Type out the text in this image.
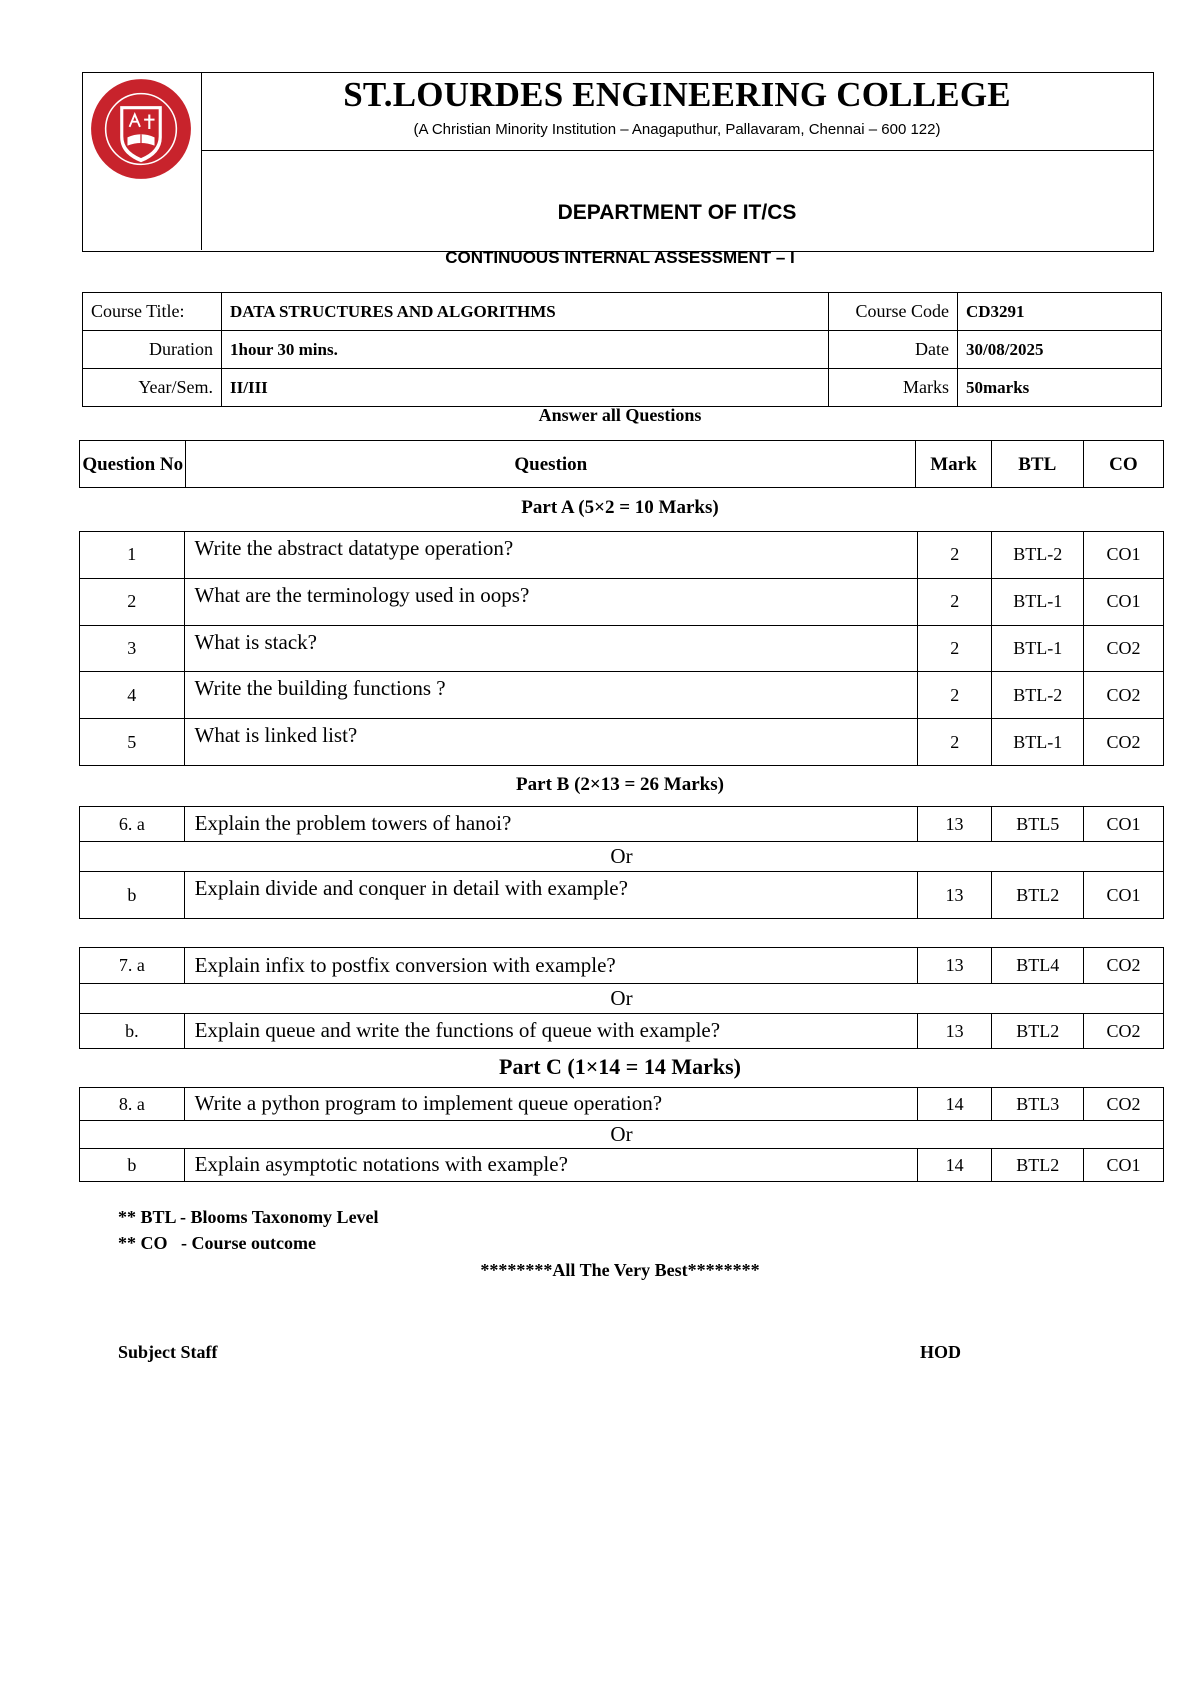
ST.LOURDES ENGINEERING COLLEGE
(A Christian Minority Institution – Anagaputhur, Pallavaram, Chennai – 600 122)
DEPARTMENT OF IT/CS
CONTINUOUS INTERNAL ASSESSMENT – I
Course Title:	DATA STRUCTURES AND ALGORITHMS	Course Code	CD3291
Duration	1hour 30 mins.	Date	30/08/2025
Year/Sem.	II/III	Marks	50marks
Answer all Questions
Question No	Question	Mark	BTL	CO
Part A (5×2 = 10 Marks)
1	Write the abstract datatype operation?	2	BTL-2	CO1
2	What are the terminology used in oops?	2	BTL-1	CO1
3	What is stack?	2	BTL-1	CO2
4	Write the building functions ?	2	BTL-2	CO2
5	What is linked list?	2	BTL-1	CO2
Part B (2×13 = 26 Marks)
6. a	Explain the problem towers of hanoi?	13	BTL5	CO1
Or				
b	Explain divide and conquer in detail with example?	13	BTL2	CO1
7. a	Explain infix to postfix conversion with example?	13	BTL4	CO2
Or				
b.	Explain queue and write the functions of queue with example?	13	BTL2	CO2
Part C (1×14 = 14 Marks)
8. a	Write a python program to implement queue operation?	14	BTL3	CO2
Or				
b	Explain asymptotic notations with example?	14	BTL2	CO1
** BTL - Blooms Taxonomy Level
** CO   - Course outcome
********All The Very Best********
Subject Staff	HOD
